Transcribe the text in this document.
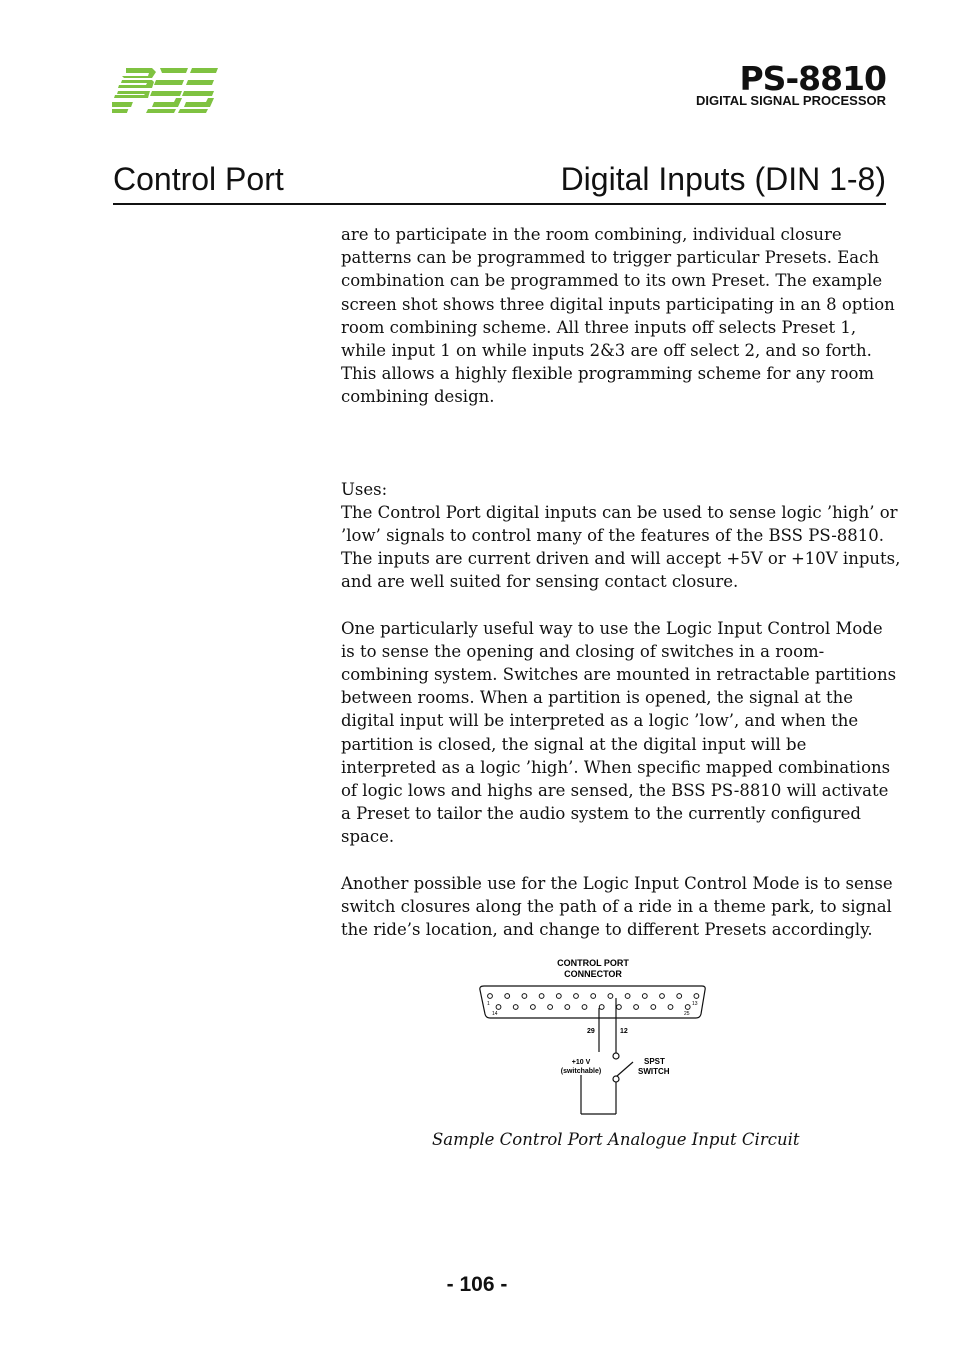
PS-8810
DIGITAL SIGNAL PROCESSOR
Control Port	Digital Inputs (DIN 1-8)

are to participate in the room combining, individual closure patterns can be programmed to trigger particular Presets. Each combination can be programmed to its own Preset. The example screen shot shows three digital inputs participating in an 8 option room combining scheme. All three inputs off selects Preset 1, while input 1 on while inputs 2&3 are off select 2, and so forth. This allows a highly flexible programming scheme for any room combining design.

Uses:

The Control Port digital inputs can be used to sense logic ’high’ or ’low’ signals to control many of the features of the BSS PS-8810. The inputs are current driven and will accept +5V or +10V inputs, and are well suited for sensing contact closure.

One particularly useful way to use the Logic Input Control Mode is to sense the opening and closing of switches in a room-combining system. Switches are mounted in retractable partitions between rooms. When a partition is opened, the signal at the digital input will be interpreted as a logic ’low’, and when the partition is closed, the signal at the digital input will be interpreted as a logic ’high’. When specific mapped combinations of logic lows and highs are sensed, the BSS PS-8810 will activate a Preset to tailor the audio system to the currently configured space.

Another possible use for the Logic Input Control Mode is to sense switch closures along the path of a ride in a theme park, to signal the ride’s location, and change to different Presets accordingly.

CONTROL PORT
CONNECTOR
1	13
14	25
29	12
+10 V
(switchable)
SPST
SWITCH
Sample Control Port Analogue Input Circuit
- 106 -
